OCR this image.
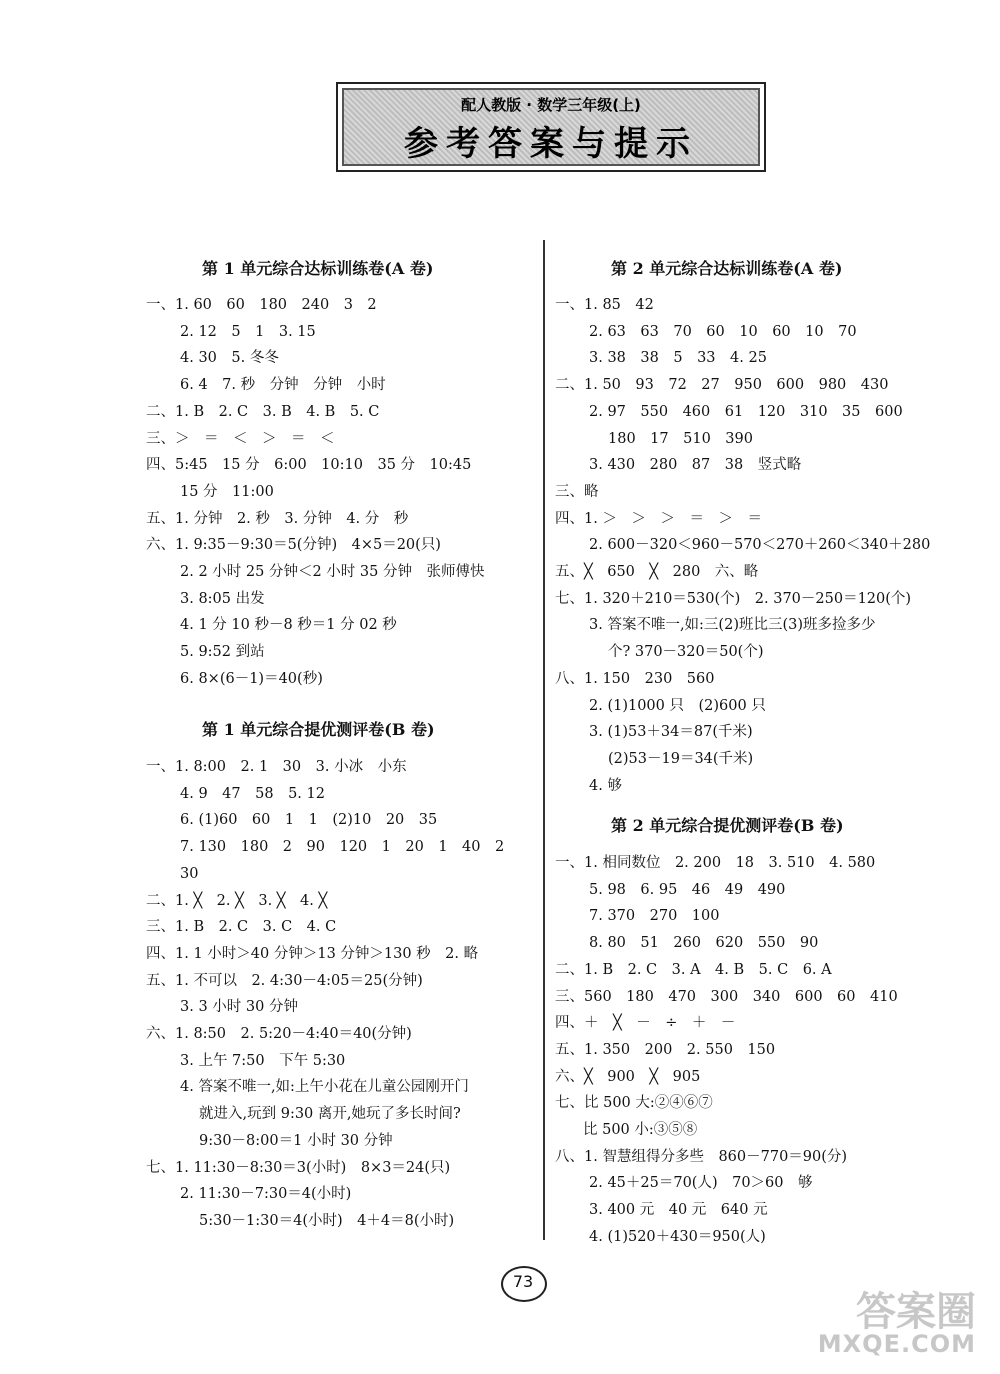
配人教版 · 数学三年级(上)
参考答案与提示
第 1 单元综合达标训练卷(A 卷)
第 1 单元综合提优测评卷(B 卷)
一、1. 60　60　180　240　3　2
2. 12　5　1　3. 15
4. 30　5. 冬冬
6. 4　7. 秒　分钟　分钟　小时
二、1. B　2. C　3. B　4. B　5. C
三、＞　＝　＜　＞　＝　＜
四、5:45　15 分　6:00　10:10　35 分　10:45
15 分　11:00
五、1. 分钟　2. 秒　3. 分钟　4. 分　秒
六、1. 9:35－9:30＝5(分钟)　4×5＝20(只)
2. 2 小时 25 分钟＜2 小时 35 分钟　张师傅快
3. 8:05 出发
4. 1 分 10 秒－8 秒＝1 分 02 秒
5. 9:52 到站
6. 8×(6－1)＝40(秒)
一、1. 8:00　2. 1　30　3. 小冰　小东
4. 9　47　58　5. 12
6. (1)60　60　1　1　(2)10　20　35
7. 130　180　2　90　120　1　20　1　40　2
30
二、1. ╳　2. ╳　3. ╳　4. ╳
三、1. B　2. C　3. C　4. C
四、1. 1 小时＞40 分钟＞13 分钟＞130 秒　2. 略
五、1. 不可以　2. 4:30－4:05＝25(分钟)
3. 3 小时 30 分钟
六、1. 8:50　2. 5:20－4:40＝40(分钟)
3. 上午 7:50　下午 5:30
4. 答案不唯一,如:上午小花在儿童公园刚开门
就进入,玩到 9:30 离开,她玩了多长时间?
9:30－8:00＝1 小时 30 分钟
七、1. 11:30－8:30＝3(小时)　8×3＝24(只)
2. 11:30－7:30＝4(小时)
5:30－1:30＝4(小时)　4＋4＝8(小时)
第 2 单元综合达标训练卷(A 卷)
第 2 单元综合提优测评卷(B 卷)
一、1. 85　42
2. 63　63　70　60　10　60　10　70
3. 38　38　5　33　4. 25
二、1. 50　93　72　27　950　600　980　430
2. 97　550　460　61　120　310　35　600
180　17　510　390
3. 430　280　87　38　竖式略
三、略
四、1. ＞　＞　＞　＝　＞　＝
2. 600－320＜960－570＜270＋260＜340＋280
五、╳　650　╳　280　六、略
七、1. 320＋210＝530(个)　2. 370－250＝120(个)
3. 答案不唯一,如:三(2)班比三(3)班多捡多少
个? 370－320＝50(个)
八、1. 150　230　560
2. (1)1000 只　(2)600 只
3. (1)53＋34＝87(千米)
(2)53－19＝34(千米)
4. 够
一、1. 相同数位　2. 200　18　3. 510　4. 580
5. 98　6. 95　46　49　490
7. 370　270　100
8. 80　51　260　620　550　90
二、1. B　2. C　3. A　4. B　5. C　6. A
三、560　180　470　300　340　600　60　410
四、＋　╳　－　÷　＋　－
五、1. 350　200　2. 550　150
六、╳　900　╳　905
七、比 500 大:②④⑥⑦
比 500 小:③⑤⑧
八、1. 智慧组得分多些　860－770＝90(分)
2. 45＋25＝70(人)　70＞60　够
3. 400 元　40 元　640 元
4. (1)520＋430＝950(人)
73
答案圈
MXQE.COM
